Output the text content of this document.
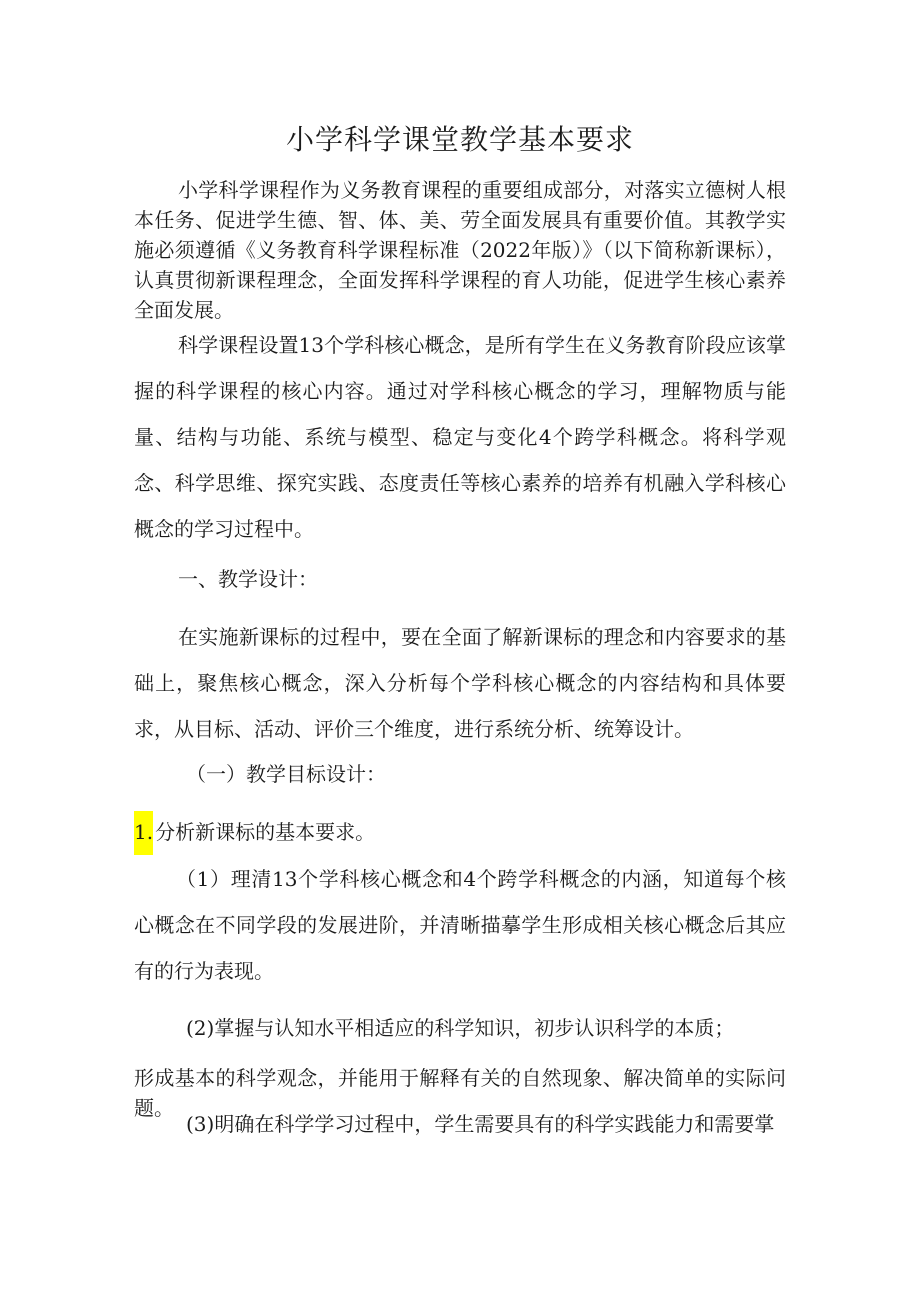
小学科学课堂教学基本要求

小学科学课程作为义务教育课程的重要组成部分，对落实立德树人根本任务、促进学生德、智、体、美、劳全面发展具有重要价值。其教学实施必须遵循《义务教育科学课程标准（2022年版）》（以下简称新课标），认真贯彻新课程理念，全面发挥科学课程的育人功能，促进学生核心素养全面发展。

科学课程设置13个学科核心概念，是所有学生在义务教育阶段应该掌握的科学课程的核心内容。通过对学科核心概念的学习，理解物质与能量、结构与功能、系统与模型、稳定与变化4个跨学科概念。将科学观念、科学思维、探究实践、态度责任等核心素养的培养有机融入学科核心概念的学习过程中。

一、教学设计：

在实施新课标的过程中，要在全面了解新课标的理念和内容要求的基础上，聚焦核心概念，深入分析每个学科核心概念的内容结构和具体要求，从目标、活动、评价三个维度，进行系统分析、统筹设计。

（一）教学目标设计：

1. 分析新课标的基本要求。

（1）理清13个学科核心概念和4个跨学科概念的内涵，知道每个核心概念在不同学段的发展进阶，并清晰描摹学生形成相关核心概念后其应有的行为表现。

(2)掌握与认知水平相适应的科学知识，初步认识科学的本质；

形成基本的科学观念，并能用于解释有关的自然现象、解决简单的实际问题。

(3)明确在科学学习过程中，学生需要具有的科学实践能力和需要掌
